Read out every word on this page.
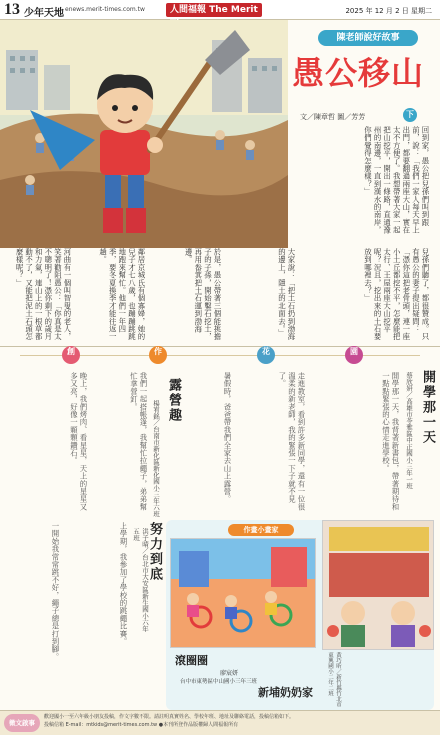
13 少年天地 enews.merit-times.com.tw	人間福報 The Merit	2025 年 12 月 2 日 星期二
陳老師說好故事
愚公移山
文／陳章哲 圖／芳芳	下
回到家，愚公把兒孫們叫到跟前，說：「我們一家人每天早上出門，都要翻過兩座大山，實在太不方便了。我想帶著大家一起把山挖平，開出一條路，直通豫州的南邊，一直到漢水的南岸，你們覺得怎麼樣？」
兒孫們聽了，都很贊成。只有愚公的妻子提出疑問：「憑你這把老骨頭，連一座小土丘都挖不平，怎麼能把太行、王屋兩座大山挖平呢？況且，挖出來的土石要放到哪裡去？」
大家說：「把土石扔到渤海的邊上，隱土的北面去。」
於是，愚公帶著三個能挑擔子的子孫，開始鑿石挖土，再用畚箕把土石運到渤海邊。
鄰居京城氏有個寡婦，她的兒子才七八歲，也蹦蹦跳跳地跑來幫忙。他們一年四季，要冬夏換季才能往返一趟。
河曲有一個叫智叟的老人，笑著勸阻愚公：「你真是太不聰明了！憑你剩下的歲月和力氣，連山上的一根草都動不了，又能把泥土石頭怎麼樣呢？」
創	作	花	園
開學那一天
蔡欣妍／高雄市苓雅區中正國小三年一班
開學那一天，我背著新書包，帶著期待和一點點緊張的心情走進學校。
走進教室，看到許多新同學，還有一位很溫柔的新老師，我的緊張一下子就不見了。
露營趣
楊宥銘／台南市新化區新化國小三年六班	暑假時，爸爸帶我們全家去山上露營。
我們一起搭帳篷，我幫忙拉繩子，弟弟幫忙拿營釘。
晚上，我們烤肉、看星星，天上的星星又多又亮，好像一顆顆鑽石。
努力到底
洪子晴／台北市大安區新生國小六年五班
上學期，我參加了學校的跳繩比賽。
一開始我常常跳不好，繩子總是打到腳。	作畫小畫家
滾圈圈
廖宸妍
台中市東勢區中山國小三年三班
新埔奶奶家	黃巧昕／新竹縣竹北市東興國小二年二班
徵文啟事
歡迎國小一至六年級小朋友投稿，作文字數不限。請註明真實姓名、學校年班、地址及聯絡電話，投稿信箱如下。
投稿信箱 E-mail：mtkids@merit-times.com.tw ●本刊所登作品版權歸人間福報所有
